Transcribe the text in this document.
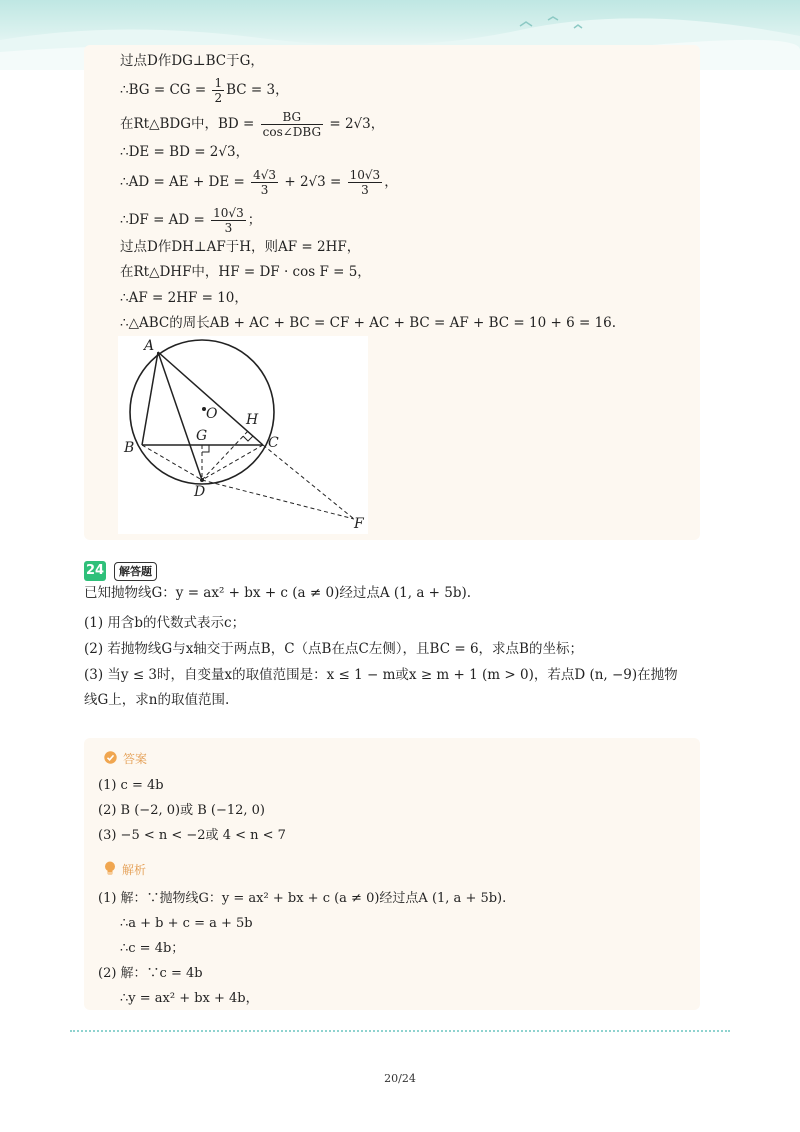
过点D作DG⊥BC于G，
∴BG = CG = $\frac{1}{2}$ BC = 3，
在Rt△BDG中，BD = $\frac{BG}{\text{cos∠DBG}} = 2√3$，
∴DE = BD = 2√3，
∴AD = AE + DE = $\frac{4√3}{3} + 2√3 = \frac{10√3}{3}$ ，
∴DF = AD = $\frac{10√3}{3}$ ；
过点D作DH⊥AF于H，则AF = 2HF，
在Rt△DHF中，HF = DF · cos F = 5，
∴AF = 2HF = 10，
∴△ABC的周长AB + AC + BC = CF + AC + BC = AF + BC = 10 + 6 = 16.
A
B	C
D
F
G
H
O
24	解答题
已知抛物线G：y = ax² + bx + c (a ≠ 0)经过点A (1, a + 5b).
(1) 用含b的代数式表示c；
(2) 若抛物线G与x轴交于两点B，C（点B在点C左侧），且BC = 6，求点B的坐标；
(3) 当y ≤ 3时，自变量x的取值范围是：x ≤ 1 − m或x ≥ m + 1 (m > 0)，若点D (n, −9)在抛物
线G上，求n的取值范围.
答案
(1) c = 4b
(2) B (−2, 0)或 B (−12, 0)
(3) −5 < n < −2或 4 < n < 7
解析
(1) 解：∵抛物线G：y = ax² + bx + c (a ≠ 0)经过点A (1, a + 5b).
∴a + b + c = a + 5b
∴c = 4b；
(2) 解：∵c = 4b
∴y = ax² + bx + 4b，
20/24
